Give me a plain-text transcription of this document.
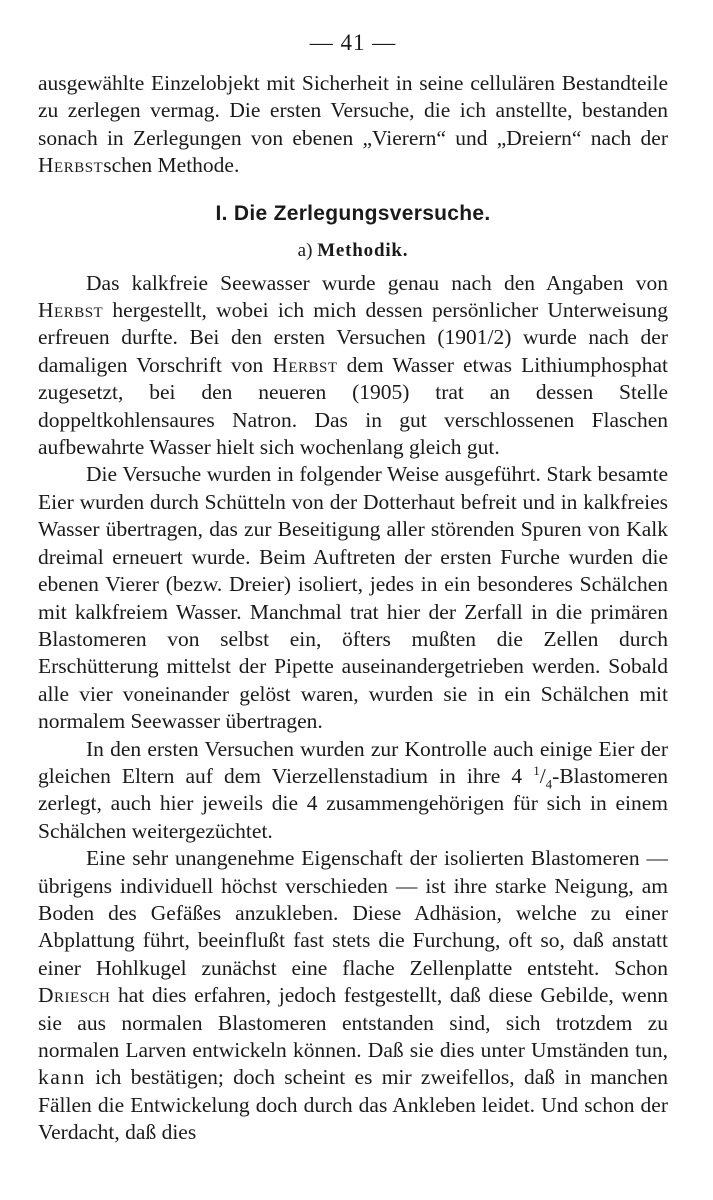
— 41 —

ausgewählte Einzelobjekt mit Sicherheit in seine cellulären Bestandteile zu zerlegen vermag. Die ersten Versuche, die ich anstellte, bestanden sonach in Zerlegungen von ebenen „Vierern“ und „Dreiern“ nach der Herbstschen Methode.

I. Die Zerlegungsversuche.
a) Methodik.

Das kalkfreie Seewasser wurde genau nach den Angaben von Herbst hergestellt, wobei ich mich dessen persönlicher Unterweisung erfreuen durfte. Bei den ersten Versuchen (1901/2) wurde nach der damaligen Vorschrift von Herbst dem Wasser etwas Lithiumphosphat zugesetzt, bei den neueren (1905) trat an dessen Stelle doppeltkohlensaures Natron. Das in gut verschlossenen Flaschen aufbewahrte Wasser hielt sich wochenlang gleich gut.

Die Versuche wurden in folgender Weise ausgeführt. Stark besamte Eier wurden durch Schütteln von der Dotterhaut befreit und in kalkfreies Wasser übertragen, das zur Beseitigung aller störenden Spuren von Kalk dreimal erneuert wurde. Beim Auftreten der ersten Furche wurden die ebenen Vierer (bezw. Dreier) isoliert, jedes in ein besonderes Schälchen mit kalkfreiem Wasser. Manchmal trat hier der Zerfall in die primären Blastomeren von selbst ein, öfters mußten die Zellen durch Erschütterung mittelst der Pipette auseinandergetrieben werden. Sobald alle vier voneinander gelöst waren, wurden sie in ein Schälchen mit normalem Seewasser übertragen.

In den ersten Versuchen wurden zur Kontrolle auch einige Eier der gleichen Eltern auf dem Vierzellenstadium in ihre 4 $^1/_4$-Blastomeren zerlegt, auch hier jeweils die 4 zusammengehörigen für sich in einem Schälchen weitergezüchtet.

Eine sehr unangenehme Eigenschaft der isolierten Blastomeren — übrigens individuell höchst verschieden — ist ihre starke Neigung, am Boden des Gefäßes anzukleben. Diese Adhäsion, welche zu einer Abplattung führt, beeinflußt fast stets die Furchung, oft so, daß anstatt einer Hohlkugel zunächst eine flache Zellenplatte entsteht. Schon Driesch hat dies erfahren, jedoch festgestellt, daß diese Gebilde, wenn sie aus normalen Blastomeren entstanden sind, sich trotzdem zu normalen Larven entwickeln können. Daß sie dies unter Umständen tun, kann ich bestätigen; doch scheint es mir zweifellos, daß in manchen Fällen die Entwickelung doch durch das Ankleben leidet. Und schon der Verdacht, daß dies
